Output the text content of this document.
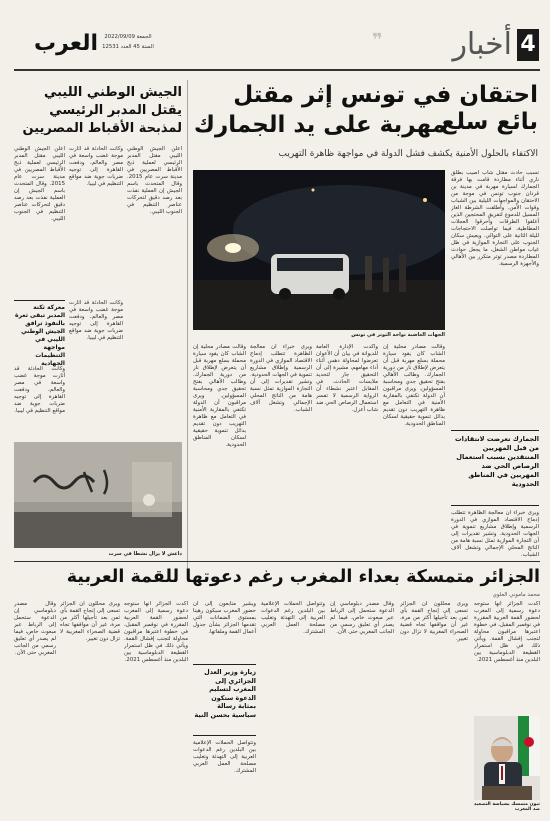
4
أخبار
❞
العرب	الجمعة 2022/09/09
السنة 45 العدد 12531
احتقان في تونس إثر مقتل بائع سلع
مهربة على يد الجمارك
الاكتفاء بالحلول الأمنية يكشف فشل الدولة في مواجهة ظاهرة التهريب
الجهات الغاضبة تواجه التوتر في تونس
تسبب حادث مقتل شاب أصيب بطلق ناري أثناء مطاردة قامت بها فرقة الجمارك لسيارة مهربة في مدينة بن قردان جنوب تونس في موجة من الاحتقان والمواجهات الليلية بين الشباب وقوات الأمن. وأطلقت الشرطة الغاز المسيل للدموع لتفريق المحتجين الذين أغلقوا الطرقات وأحرقوا العجلات المطاطية، فيما تواصلت الاحتجاجات لليلة الثانية على التوالي. ويعيش سكان الجنوب على التجارة الموازية في ظل غياب مواطن الشغل، ما يجعل حوادث المطاردة مصدر توتر متكرر بين الأهالي والأجهزة الرسمية.
الجمارك تعرضت لانتقادات من قبل المهربين المنتقدين بسبب استعمال الرصاص الحي ضد المهربين في المناطق الحدودية
ويرى خبراء أن معالجة الظاهرة تتطلب إدماج الاقتصاد الموازي في الدورة الرسمية وإطلاق مشاريع تنموية في الجهات الحدودية. وتشير تقديرات إلى أن التجارة الموازية تمثل نسبة هامة من الناتج المحلي الإجمالي وتشغل آلاف الشباب.
وقالت مصادر محلية إن الشاب كان يقود سيارة محملة بسلع مهربة قبل أن يتعرض لإطلاق نار من دورية الجمارك. وطالب الأهالي بفتح تحقيق جدي ومحاسبة المسؤولين. ويرى مراقبون أن الدولة تكتفي بالمقاربة الأمنية في التعامل مع ظاهرة التهريب دون تقديم بدائل تنموية حقيقية لسكان المناطق الحدودية.
وأكدت الإدارة العامة للديوانة في بيان أن الأعوان تعرضوا لمحاولة دهس أثناء أداء مهامهم، مشيرة إلى أن التحقيق جار لتحديد ملابسات الحادث. في المقابل اعتبر نشطاء أن الرواية الرسمية لا تفسر استعمال الرصاص الحي ضد شاب أعزل.
ويرى خبراء أن معالجة الظاهرة تتطلب إدماج الاقتصاد الموازي في الدورة الرسمية وإطلاق مشاريع تنموية في الجهات الحدودية. وتشير تقديرات إلى أن التجارة الموازية تمثل نسبة هامة من الناتج المحلي الإجمالي وتشغل آلاف الشباب.
وقالت مصادر محلية إن الشاب كان يقود سيارة محملة بسلع مهربة قبل أن يتعرض لإطلاق نار من دورية الجمارك. وطالب الأهالي بفتح تحقيق جدي ومحاسبة المسؤولين. ويرى مراقبون أن الدولة تكتفي بالمقاربة الأمنية في التعامل مع ظاهرة التهريب دون تقديم بدائل تنموية حقيقية لسكان المناطق الحدودية.
الجيش الوطني الليبي
يقتل المدبر الرئيسي
لمذبحة الأقباط المصريين
أعلن الجيش الوطني الليبي مقتل المدبر الرئيسي لعملية ذبح الأقباط المصريين في مدينة سرت عام 2015. وقال المتحدث باسم الجيش إن العملية نفذت بعد رصد دقيق لتحركات عناصر التنظيم في الجنوب الليبي.
وكانت الحادثة قد أثارت موجة غضب واسعة في مصر والعالم، ودفعت القاهرة إلى توجيه ضربات جوية ضد مواقع التنظيم في ليبيا.
أعلن الجيش الوطني الليبي مقتل المدبر الرئيسي لعملية ذبح الأقباط المصريين في مدينة سرت عام 2015. وقال المتحدث باسم الجيش إن العملية نفذت بعد رصد دقيق لتحركات عناصر التنظيم في الجنوب الليبي.
معركة ثكنة المدبر تبقى ثغرة بالنفوذ ترافق الجيش الوطني الليبي في مواجهة التنظيمات الجهادية
وكانت الحادثة قد أثارت موجة غضب واسعة في مصر والعالم، ودفعت القاهرة إلى توجيه ضربات جوية ضد مواقع التنظيم في ليبيا.
وكانت الحادثة قد أثارت موجة غضب واسعة في مصر والعالم، ودفعت القاهرة إلى توجيه ضربات جوية ضد مواقع التنظيم في ليبيا.
داعش لا يزال نشطا في سرت
الجزائر متمسكة بعداء المغرب رغم دعوتها للقمة العربية
محمد ماموني العلوي
أكدت الجزائر أنها ستوجه دعوة رسمية إلى المغرب لحضور القمة العربية المقررة في نوفمبر المقبل، في خطوة اعتبرها مراقبون محاولة لتجنب إفشال القمة. ويأتي ذلك في ظل استمرار القطيعة الدبلوماسية بين البلدين منذ أغسطس 2021.
ويرى محللون أن الجزائر تسعى إلى إنجاح القمة بأي ثمن بعد تأجيلها أكثر من مرة، غير أن مواقفها تجاه قضية الصحراء المغربية لا تزال دون تغيير.
وقال مصدر دبلوماسي إن الدعوة ستحمل إلى الرباط عبر مبعوث خاص، فيما لم يصدر أي تعليق رسمي من الجانب المغربي حتى الآن.
وتتواصل الحملات الإعلامية بين البلدين رغم الدعوات العربية إلى التهدئة وتغليب مصلحة العمل العربي المشترك.
ويشير متابعون إلى أن حضور المغرب سيكون رهينا بمستوى الضمانات التي تقدمها الجزائر بشأن جدول أعمال القمة وملفاتها.
زيارة وزير العدل الجزائري إلى المغرب لتسليم الدعوة ستكون بمثابة رسالة سياسية بحسن النية
وتتواصل الحملات الإعلامية بين البلدين رغم الدعوات العربية إلى التهدئة وتغليب مصلحة العمل العربي المشترك.
أكدت الجزائر أنها ستوجه دعوة رسمية إلى المغرب لحضور القمة العربية المقررة في نوفمبر المقبل، في خطوة اعتبرها مراقبون محاولة لتجنب إفشال القمة. ويأتي ذلك في ظل استمرار القطيعة الدبلوماسية بين البلدين منذ أغسطس 2021.
ويرى محللون أن الجزائر تسعى إلى إنجاح القمة بأي ثمن بعد تأجيلها أكثر من مرة، غير أن مواقفها تجاه قضية الصحراء المغربية لا تزال دون تغيير.
وقال مصدر دبلوماسي إن الدعوة ستحمل إلى الرباط عبر مبعوث خاص، فيما لم يصدر أي تعليق رسمي من الجانب المغربي حتى الآن.
تبون متمسك بسياسة التصعيد ضد المغرب
